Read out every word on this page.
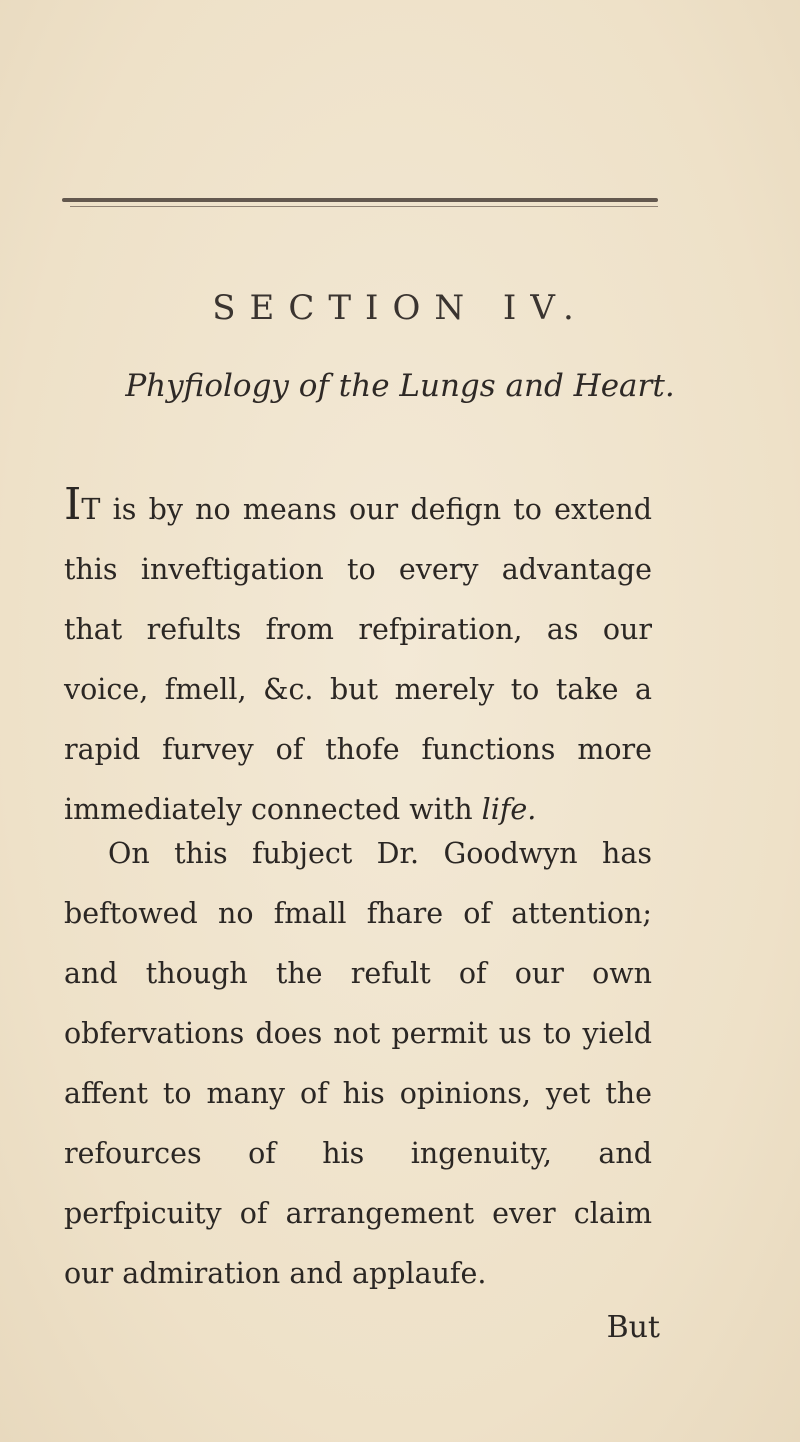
SECTION IV.
Phyfiology of the Lungs and Heart.
IT is by no means our defign to extend this inveftigation to every advantage that refults from refpiration, as our voice, fmell, &c. but merely to take a rapid furvey of thofe functions more immediately connected with life.
On this fubject Dr. Goodwyn has beftowed no fmall fhare of attention; and though the refult of our own obfervations does not permit us to yield affent to many of his opinions, yet the refources of his ingenuity, and perfpicuity of arrangement ever claim our admiration and applaufe.
But
